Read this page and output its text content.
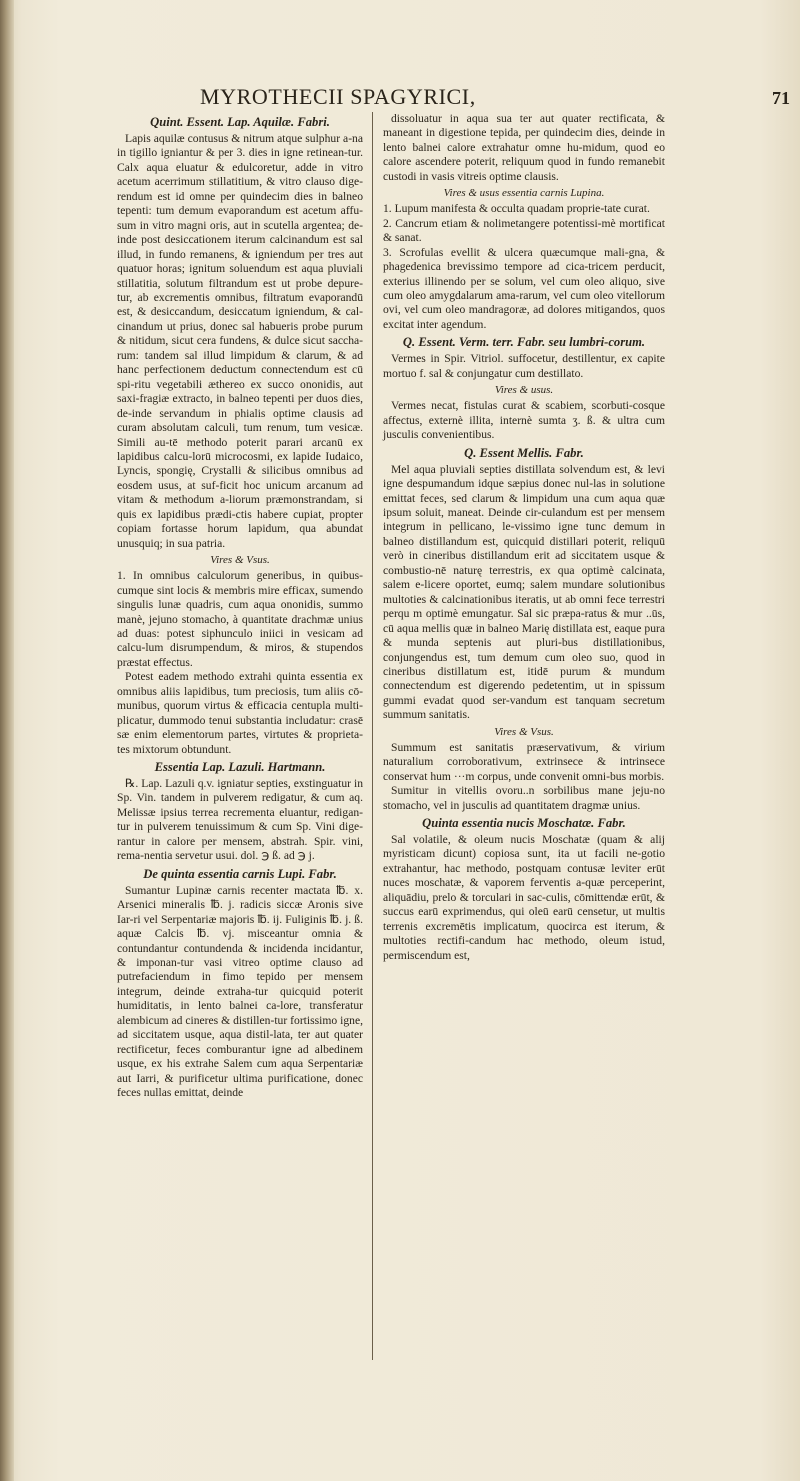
MYROTHECII SPAGYRICI,	71
Quint. Essent. Lap. Aquilæ. Fabri.

Lapis aquilæ contusus & nitrum atque sulphur a-na in tigillo igniantur & per 3. dies in igne retinean-tur. Calx aqua eluatur & edulcoretur, adde in vitro acetum acerrimum stillatitium, & vitro clauso dige-rendum est id omne per quindecim dies in balneo tepenti: tum demum evaporandum est acetum affu-sum in vitro magni oris, aut in scutella argentea; de-inde post desiccationem iterum calcinandum est sal illud, in fundo remanens, & igniendum per tres aut quatuor horas; ignitum soluendum est aqua pluviali stillatitia, solutum filtrandum est ut probe depure-tur, ab excrementis omnibus, filtratum evaporandū est, & desiccandum, desiccatum igniendum, & cal-cinandum ut prius, donec sal habueris probe purum & nitidum, sicut cera fundens, & dulce sicut saccha-rum: tandem sal illud limpidum & clarum, & ad hanc perfectionem deductum connectendum est cū spi-ritu vegetabili æthereo ex succo ononidis, aut saxi-fragiæ extracto, in balneo tepenti per duos dies, de-inde servandum in phialis optime clausis ad curam absolutam calculi, tum renum, tum vesicæ. Simili au-tē methodo poterit parari arcanū ex lapidibus calcu-lorū microcosmi, ex lapide Iudaico, Lyncis, spongię, Crystalli & silicibus omnibus ad eosdem usus, at suf-ficit hoc unicum arcanum ad vitam & methodum a-liorum præmonstrandam, si quis ex lapidibus prædi-ctis habere cupiat, propter copiam fortasse horum lapidum, qua abundat unusquiq; in sua patria.

Vires & Vsus.

1. In omnibus calculorum generibus, in quibus-cumque sint locis & membris mire efficax, sumendo singulis lunæ quadris, cum aqua ononidis, summo manè, jejuno stomacho, à quantitate drachmæ unius ad duas: potest siphunculo iniici in vesicam ad calcu-lum disrumpendum, & miros, & stupendos præstat effectus.

Potest eadem methodo extrahi quinta essentia ex omnibus aliis lapidibus, tum preciosis, tum aliis cō-munibus, quorum virtus & efficacia centupla multi-plicatur, dummodo tenui substantia includatur: crasē sæ enim elementorum partes, virtutes & proprieta-tes mixtorum obtundunt.

Essentia Lap. Lazuli. Hartmann.

℞. Lap. Lazuli q.v. igniatur septies, exstinguatur in Sp. Vin. tandem in pulverem redigatur, & cum aq. Melissæ ipsius terrea recrementa eluantur, redigan-tur in pulverem tenuissimum & cum Sp. Vini dige-rantur in calore per mensem, abstrah. Spir. vini, rema-nentia servetur usui. dol. ℈ ß. ad ℈ j.

De quinta essentia carnis Lupi. Fabr.

Sumantur Lupinæ carnis recenter mactata ℔. x. Arsenici mineralis ℔. j. radicis siccæ Aronis sive Iar-ri vel Serpentariæ majoris ℔. ij. Fuliginis ℔. j. ß. aquæ Calcis ℔. vj. misceantur omnia & contundantur contundenda & incidenda incidantur, & imponan-tur vasi vitreo optime clauso ad putrefaciendum in fimo tepido per mensem integrum, deinde extraha-tur quicquid poterit humiditatis, in lento balnei ca-lore, transferatur alembicum ad cineres & distillen-tur fortissimo igne, ad siccitatem usque, aqua distil-lata, ter aut quater rectificetur, feces comburantur igne ad albedinem usque, ex his extrahe Salem cum aqua Serpentariæ aut Iarri, & purificetur ultima purificatione, donec feces nullas emittat, deinde

dissoluatur in aqua sua ter aut quater rectificata, & maneant in digestione tepida, per quindecim dies, deinde in lento balnei calore extrahatur omne hu-midum, quod eo calore ascendere poterit, reliquum quod in fundo remanebit custodi in vasis vitreis optime clausis.

Vires & usus essentia carnis Lupina.

1. Lupum manifesta & occulta quadam proprie-tate curat.

2. Cancrum etiam & nolimetangere potentissi-mè mortificat & sanat.

3. Scrofulas evellit & ulcera quæcumque mali-gna, & phagedenica brevissimo tempore ad cica-tricem perducit, exterius illinendo per se solum, vel cum oleo aliquo, sive cum oleo amygdalarum ama-rarum, vel cum oleo vitellorum ovi, vel cum oleo mandragoræ, ad dolores mitigandos, quos excitat inter agendum.

Q. Essent. Verm. terr. Fabr. seu lumbri-corum.

Vermes in Spir. Vitriol. suffocetur, destillentur, ex capite mortuo f. sal & conjungatur cum destillato.

Vires & usus.

Vermes necat, fistulas curat & scabiem, scorbuti-cosque affectus, externè illita, internè sumta ʒ. ß. & ultra cum jusculis convenientibus.

Q. Essent Mellis. Fabr.

Mel aqua pluviali septies distillata solvendum est, & levi igne despumandum idque sæpius donec nul-las in solutione emittat feces, sed clarum & limpidum una cum aqua quæ ipsum soluit, maneat. Deinde cir-culandum est per mensem integrum in pellicano, le-vissimo igne tunc demum in balneo distillandum est, quicquid distillari poterit, reliquū verò in cineribus distillandum erit ad siccitatem usque & combustio-nē naturę terrestris, ex qua optimè calcinata, salem e-licere oportet, eumq; salem mundare solutionibus multoties & calcinationibus iteratis, ut ab omni fece terrestri perqu m optimè emungatur. Sal sic præpa-ratus & mur ..ūs, cū aqua mellis quæ in balneo Marię distillata est, eaque pura & munda septenis aut pluri-bus distillationibus, conjungendus est, tum demum cum oleo suo, quod in cineribus distillatum est, itidē purum & mundum connectendum est digerendo pedetentim, ut in spissum gummi evadat quod ser-vandum est tanquam secretum summum sanitatis.

Vires & Vsus.

Summum est sanitatis præservativum, & virium naturalium corroborativum, extrinsece & intrinsece conservat hum ···m corpus, unde convenit omni-bus morbis.

Sumitur in vitellis ovoru..n sorbilibus mane jeju-no stomacho, vel in jusculis ad quantitatem dragmæ unius.

Quinta essentia nucis Moschatæ. Fabr.

Sal volatile, & oleum nucis Moschatæ (quam & alij myristicam dicunt) copiosa sunt, ita ut facili ne-gotio extrahantur, hac methodo, postquam contusæ leviter erūt nuces moschatæ, & vaporem ferventis a-quæ perceperint, aliquādiu, prelo & torculari in sac-culis, cōmittendæ erūt, & succus earū exprimendus, qui oleū earū censetur, ut multis terrenis excremētis implicatum, quocirca est iterum, & multoties rectifi-candum hac methodo, oleum istud, permiscendum est,
